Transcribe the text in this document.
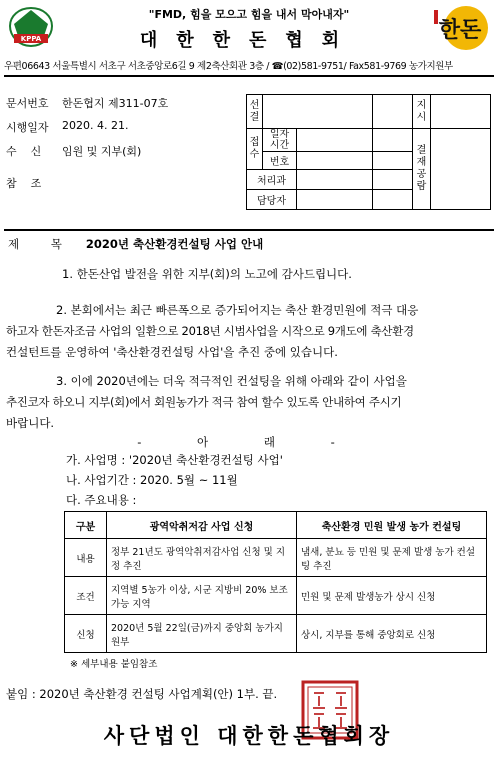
KPPA
"FMD, 힘을 모으고 힘을 내서 막아내자"
대한한돈협회	한돈
우편06643 서울특별시 서초구 서초중앙로6길 9 제2축산회관 3층 / ☎(02)581-9751/ Fax581-9769 농가지원부
문서번호 한돈협지 제311-07호
시행일자 2020. 4. 21.
수    신 임원 및 지부(회)
참    조
선결				지시	
접수	일자시간			결재공람	
	번호				
처리과					
담당자					
제 목 2020년 축산환경컨설팅 사업 안내
1. 한돈산업 발전을 위한 지부(회)의 노고에 감사드립니다.
2. 본회에서는 최근 빠른폭으로 증가되어지는 축산 환경민원에 적극 대응
하고자 한돈자조금 사업의 일환으로 2018년 시범사업을 시작으로 9개도에 축산환경
컨설턴트를 운영하여 '축산환경컨설팅 사업'을 추진 중에 있습니다.
3. 이에 2020년에는 더욱 적극적인 컨설팅을 위해 아래와 같이 사업을
추진코자 하오니 지부(회)에서 회원농가가 적극 참여 할수 있도록 안내하여 주시기
바랍니다.
- 아 래 -
가. 사업명 : '2020년 축산환경컨설팅 사업'
나. 사업기간 : 2020. 5월 ~ 11월
다. 주요내용 :
구분	광역악취저감 사업 신청	축산환경 민원 발생 농가 컨설팅
내용	정부 21년도 광역악취저감사업 신청 및 지정 추진	냄새, 분뇨 등 민원 및 문제 발생 농가 컨설팅 추진
조건	지역별 5농가 이상, 시군 지방비 20% 보조 가능 지역	민원 및 문제 발생농가 상시 신청
신청	2020년 5월 22일(금)까지 중앙회 농가지원부	상시, 지부를 통해 중앙회로 신청
※ 세부내용 붙임참조
붙임 : 2020년 축산환경 컨설팅 사업계획(안) 1부. 끝.
사단법인 대한한돈협회장
